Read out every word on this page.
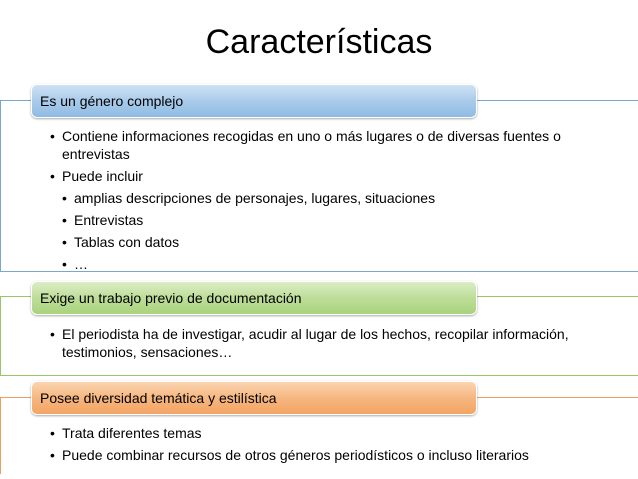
Características
Es un género complejo
• Contiene informaciones recogidas en uno o más lugares o de diversas fuentes o entrevistas
• Puede incluir
• amplias descripciones de personajes, lugares, situaciones
• Entrevistas
• Tablas con datos
• …
Exige un trabajo previo de documentación
• El periodista ha de investigar, acudir al lugar de los hechos, recopilar información, testimonios, sensaciones…
Posee diversidad temática y estilística
• Trata diferentes temas
• Puede combinar recursos de otros géneros periodísticos o incluso literarios
